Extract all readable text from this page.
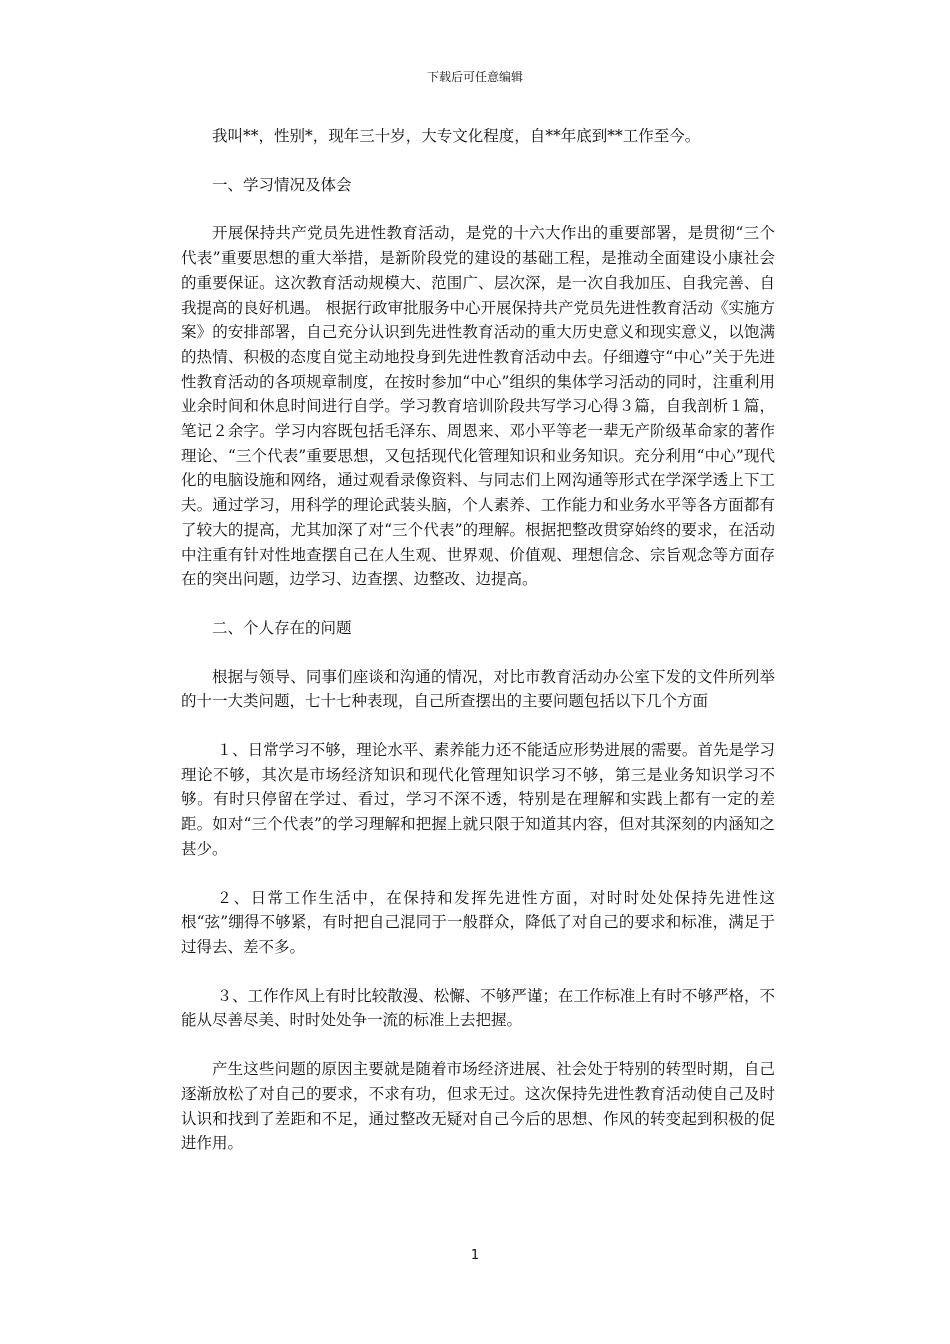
下载后可任意编辑

我叫**，性别*，现年三十岁，大专文化程度，自**年底到**工作至今。

一、学习情况及体会

开展保持共产党员先进性教育活动，是党的十六大作出的重要部署，是贯彻“三个代表”重要思想的重大举措，是新阶段党的建设的基础工程，是推动全面建设小康社会的重要保证。这次教育活动规模大、范围广、层次深，是一次自我加压、自我完善、自我提高的良好机遇。 根据行政审批服务中心开展保持共产党员先进性教育活动《实施方案》的安排部署，自己充分认识到先进性教育活动的重大历史意义和现实意义，以饱满的热情、积极的态度自觉主动地投身到先进性教育活动中去。仔细遵守“中心”关于先进性教育活动的各项规章制度，在按时参加“中心”组织的集体学习活动的同时，注重利用业余时间和休息时间进行自学。学习教育培训阶段共写学习心得３篇，自我剖析１篇，笔记２余字。学习内容既包括毛泽东、周恩来、邓小平等老一辈无产阶级革命家的著作理论、“三个代表”重要思想，又包括现代化管理知识和业务知识。充分利用“中心”现代化的电脑设施和网络，通过观看录像资料、与同志们上网沟通等形式在学深学透上下工夫。通过学习，用科学的理论武装头脑，个人素养、工作能力和业务水平等各方面都有了较大的提高，尤其加深了对“三个代表”的理解。根据把整改贯穿始终的要求，在活动中注重有针对性地查摆自己在人生观、世界观、价值观、理想信念、宗旨观念等方面存在的突出问题，边学习、边查摆、边整改、边提高。

二、个人存在的问题

根据与领导、同事们座谈和沟通的情况，对比市教育活动办公室下发的文件所列举的十一大类问题，七十七种表现，自己所查摆出的主要问题包括以下几个方面

１、日常学习不够，理论水平、素养能力还不能适应形势进展的需要。首先是学习理论不够，其次是市场经济知识和现代化管理知识学习不够，第三是业务知识学习不够。有时只停留在学过、看过，学习不深不透，特别是在理解和实践上都有一定的差距。如对“三个代表”的学习理解和把握上就只限于知道其内容，但对其深刻的内涵知之甚少。

２、日常工作生活中，在保持和发挥先进性方面，对时时处处保持先进性这根“弦”绷得不够紧，有时把自己混同于一般群众，降低了对自己的要求和标准，满足于过得去、差不多。

３、工作作风上有时比较散漫、松懈、不够严谨；在工作标准上有时不够严格，不能从尽善尽美、时时处处争一流的标准上去把握。

产生这些问题的原因主要就是随着市场经济进展、社会处于特别的转型时期，自己逐渐放松了对自己的要求，不求有功，但求无过。这次保持先进性教育活动使自己及时认识和找到了差距和不足，通过整改无疑对自己今后的思想、作风的转变起到积极的促进作用。

1
